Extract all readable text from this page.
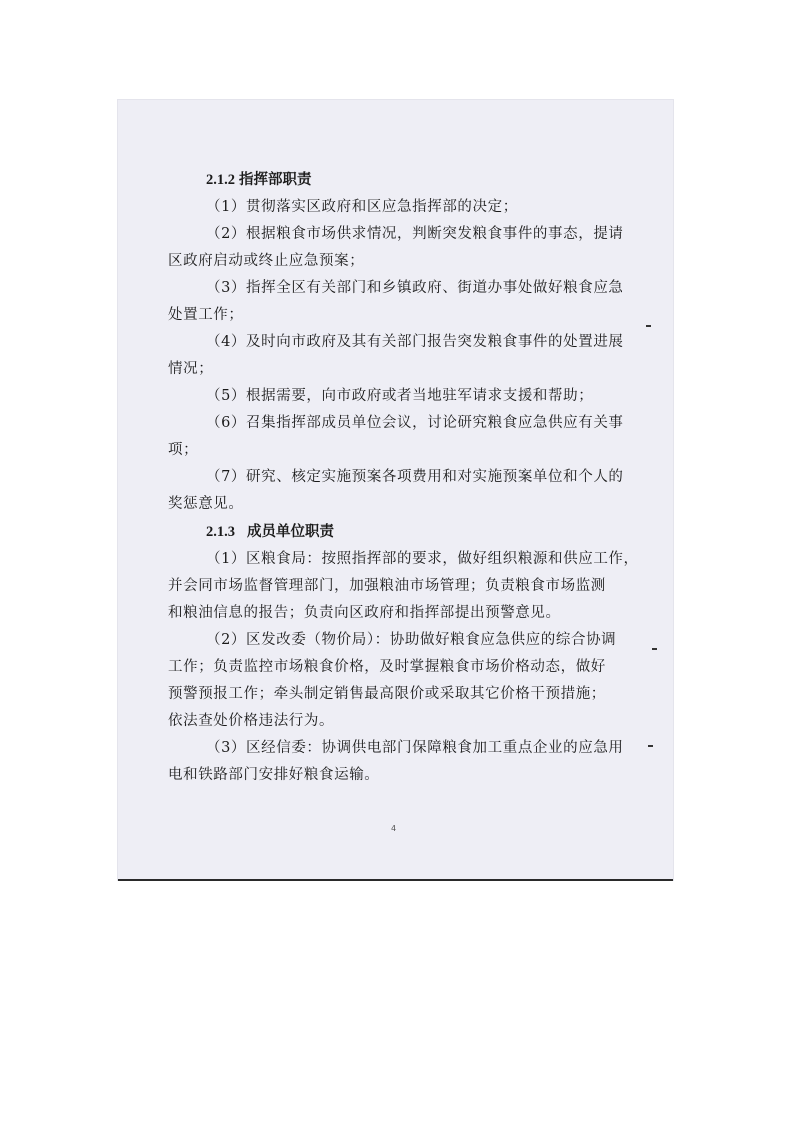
2.1.2 指挥部职责

（1）贯彻落实区政府和区应急指挥部的决定；

（2）根据粮食市场供求情况，判断突发粮食事件的事态，提请
区政府启动或终止应急预案；

（3）指挥全区有关部门和乡镇政府、街道办事处做好粮食应急
处置工作；

（4）及时向市政府及其有关部门报告突发粮食事件的处置进展
情况；

（5）根据需要，向市政府或者当地驻军请求支援和帮助；

（6）召集指挥部成员单位会议，讨论研究粮食应急供应有关事
项；

（7）研究、核定实施预案各项费用和对实施预案单位和个人的
奖惩意见。

2.1.3 成员单位职责

（1）区粮食局：按照指挥部的要求，做好组织粮源和供应工作，
并会同市场监督管理部门，加强粮油市场管理；负责粮食市场监测
和粮油信息的报告；负责向区政府和指挥部提出预警意见。

（2）区发改委（物价局）：协助做好粮食应急供应的综合协调
工作；负责监控市场粮食价格，及时掌握粮食市场价格动态，做好
预警预报工作；牵头制定销售最高限价或采取其它价格干预措施；
依法查处价格违法行为。

（3）区经信委：协调供电部门保障粮食加工重点企业的应急用
电和铁路部门安排好粮食运输。

4
